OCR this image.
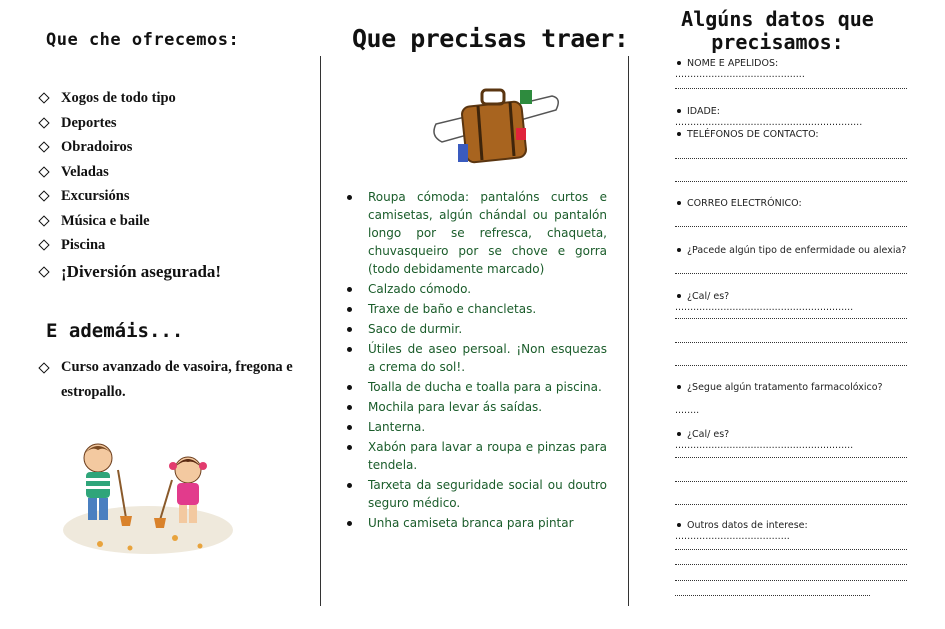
Que che ofrecemos:
Xogos de todo tipo
Deportes
Obradoiros
Veladas
Excursións
Música e baile
Piscina
¡Diversión asegurada!
E ademáis...
Curso avanzado de vasoira, fregona e estropallo.
Que precisas traer:
Roupa cómoda: pantalóns curtos e camisetas, algún chándal ou pantalón longo por se refresca, chaqueta, chuvasqueiro por se chove e gorra (todo debidamente marcado)
Calzado cómodo.
Traxe de baño e chancletas.
Saco de durmir.
Útiles de aseo persoal. ¡Non esquezas a crema do sol!.
Toalla de ducha e toalla para a piscina.
Mochila para levar ás saídas.
Lanterna.
Xabón para lavar a roupa e pinzas para tendela.
Tarxeta da seguridade social ou doutro seguro médico.
Unha camiseta branca para pintar
Algúns datos que precisamos:
NOME E APELIDOS: ...........................................
IDADE: ..............................................................
TELÉFONOS DE CONTACTO:
CORREO ELECTRÓNICO:
¿Pacede algún tipo de enfermidade ou alexia?
¿Cal/ es? ...........................................................
¿Segue algún tratamento farmacolóxico?
........
¿Cal/ es? ...........................................................
Outros datos de interese: ......................................
